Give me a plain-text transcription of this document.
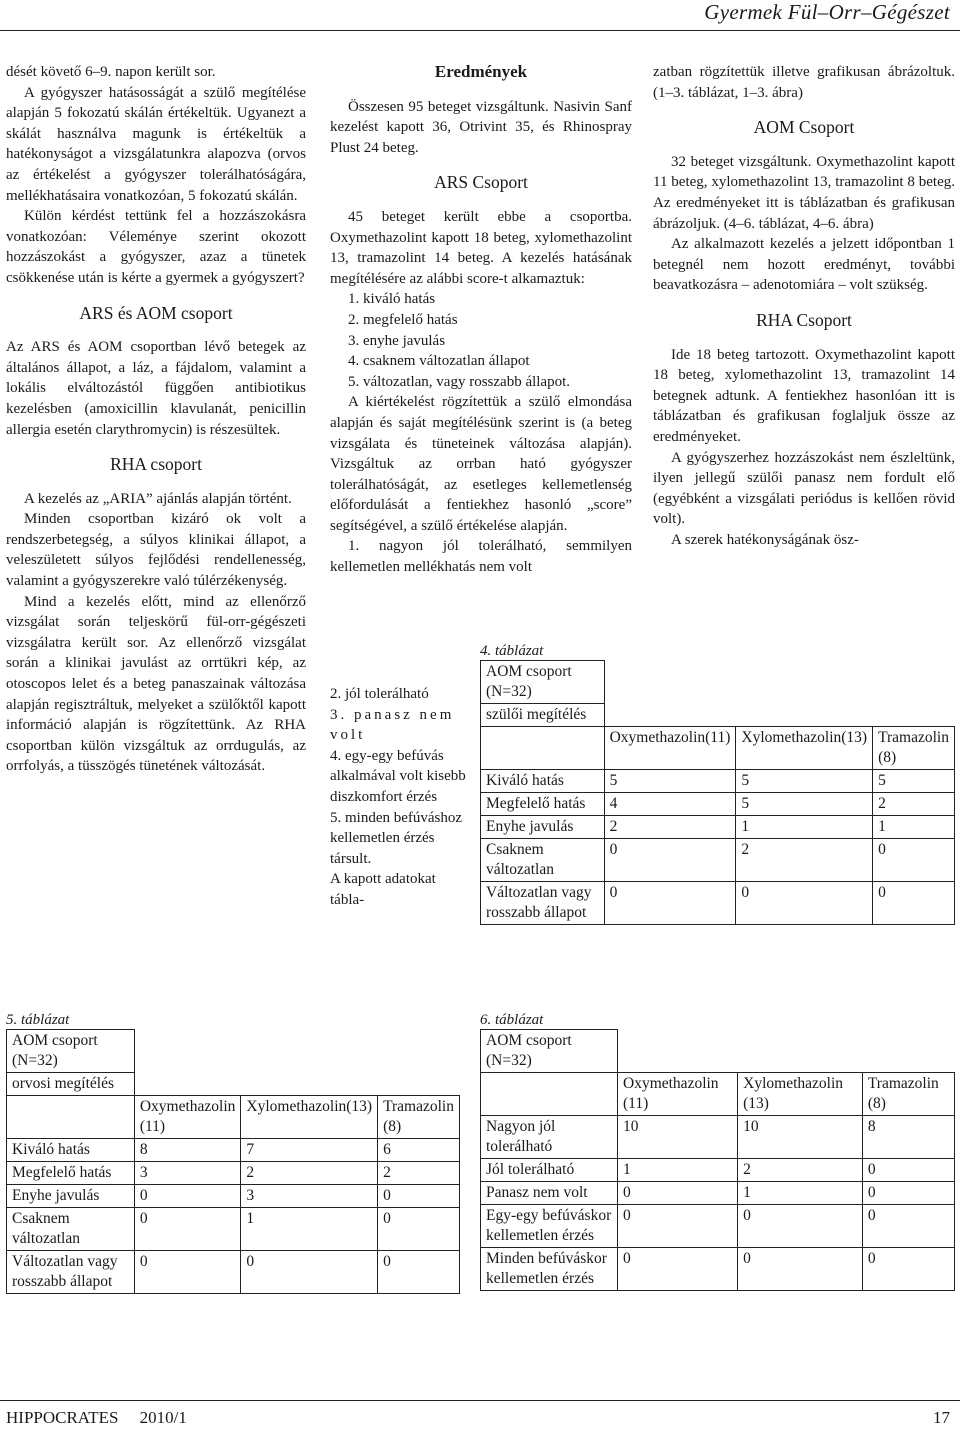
Gyermek Fül–Orr–Gégészet

dését követő 6–9. napon került sor.

A gyógyszer hatásosságát a szülő megítélése alapján 5 fokozatú skálán értékeltük. Ugyanezt a skálát használva magunk is értékeltük a hatékonyságot a vizsgálatunkra alapozva (orvos az értékelést a gyógyszer tolerálhatóságára, mellékhatásaira vonatkozóan, 5 fokozatú skálán.

Külön kérdést tettünk fel a hozzászokásra vonatkozóan: Véleménye szerint okozott hozzászokást a gyógyszer, azaz a tünetek csökkenése után is kérte a gyermek a gyógyszert?

ARS és AOM csoport

Az ARS és AOM csoportban lévő betegek az általános állapot, a láz, a fájdalom, valamint a lokális elváltozástól függően antibiotikus kezelésben (amoxicillin klavulanát, penicillin allergia esetén clarythromycin) is részesültek.

RHA csoport

A kezelés az „ARIA” ajánlás alapján történt.

Minden csoportban kizáró ok volt a rendszerbetegség, a súlyos klinikai állapot, a veleszületett súlyos fejlődési rendellenesség, valamint a gyógyszerekre való túlérzékenység.

Mind a kezelés előtt, mind az ellenőrző vizsgálat során teljeskörű fül-orr-gégészeti vizsgálatra került sor. Az ellenőrző vizsgálat során a klinikai javulást az orrtükri kép, az otoscopos lelet és a beteg panaszainak változása alapján regisztráltuk, melyeket a szülőktől kapott információ alapján is rögzítettünk. Az RHA csoportban külön vizsgáltuk az orrdugulás, az orrfolyás, a tüsszögés tünetének változását.

Eredmények

Összesen 95 beteget vizsgáltunk. Nasivin Sanf kezelést kapott 36, Otrivint 35, és Rhinospray Plust 24 beteg.

ARS Csoport

45 beteget került ebbe a csoportba. Oxymethazolint kapott 18 beteg, xylomethazolint 13, tramazolint 14 beteg. A kezelés hatásának megítélésére az alábbi score-t alkamaztuk:

1. kiváló hatás

2. megfelelő hatás

3. enyhe javulás

4. csaknem változatlan állapot

5. változatlan, vagy rosszabb állapot.

A kiértékelést rögzítettük a szülő elmondása alapján és saját megítélésünk szerint is (a beteg vizsgálata és tüneteinek változása alapján). Vizsgáltuk az orrban ható gyógyszer tolerálhatóságát, az esetleges kellemetlenség előfordulását a fentiekhez hasonló „score” segítségével, a szülő értékelése alapján.

1. nagyon jól tolerálható, semmilyen kellemetlen mellékhatás nem volt

2. jól tolerálható

3. panasz nem volt

4. egy-egy befúvás alkalmával volt kisebb diszkomfort érzés

5. minden befúváshoz kellemetlen érzés társult.

A kapott adatokat tábla-

zatban rögzítettük illetve grafikusan ábrázoltuk. (1–3. táblázat, 1–3. ábra)

AOM Csoport

32 beteget vizsgáltunk. Oxymethazolint kapott 11 beteg, xylomethazolint 13, tramazolint 8 beteg. Az eredményeket itt is táblázatban és grafikusan ábrázoljuk. (4–6. táblázat, 4–6. ábra)

Az alkalmazott kezelés a jelzett időpontban 1 betegnél nem hozott eredményt, további beavatkozásra – adenotomiára – volt szükség.

RHA Csoport

Ide 18 beteg tartozott. Oxymethazolint kapott 18 beteg, xylomethazolint 13, tramazolint 14 betegnek adtunk. A fentiekhez hasonlóan itt is táblázatban és grafikusan foglaljuk össze az eredményeket.

A gyógyszerhez hozzászokást nem észleltünk, ilyen jellegű szülői panasz nem fordult elő (egyébként a vizsgálati periódus is kellően rövid volt).

A szerek hatékonyságának ösz-

4. táblázat
AOM csoport (N=32)			
szülői megítélés			
	Oxymethazolin(11)	Xylomethazolin(13)	Tramazolin (8)
Kiváló hatás	5	5	5
Megfelelő hatás	4	5	2
Enyhe javulás	2	1	1
Csaknem változatlan	0	2	0
Változatlan vagy rosszabb állapot	0	0	0
5. táblázat
AOM csoport (N=32)			
orvosi megítélés			
	Oxymethazolin (11)	Xylomethazolin(13)	Tramazolin (8)
Kiváló hatás	8	7	6
Megfelelő hatás	3	2	2
Enyhe javulás	0	3	0
Csaknem változatlan	0	1	0
Változatlan vagy rosszabb állapot	0	0	0
6. táblázat
AOM csoport (N=32)			
	Oxymethazolin (11)	Xylomethazolin (13)	Tramazolin (8)
Nagyon jól tolerálható	10	10	8
Jól tolerálható	1	2	0
Panasz nem volt	0	1	0
Egy-egy befúváskor kellemetlen érzés	0	0	0
Minden befúváskor kellemetlen érzés	0	0	0
HIPPOCRATES     2010/1	17
